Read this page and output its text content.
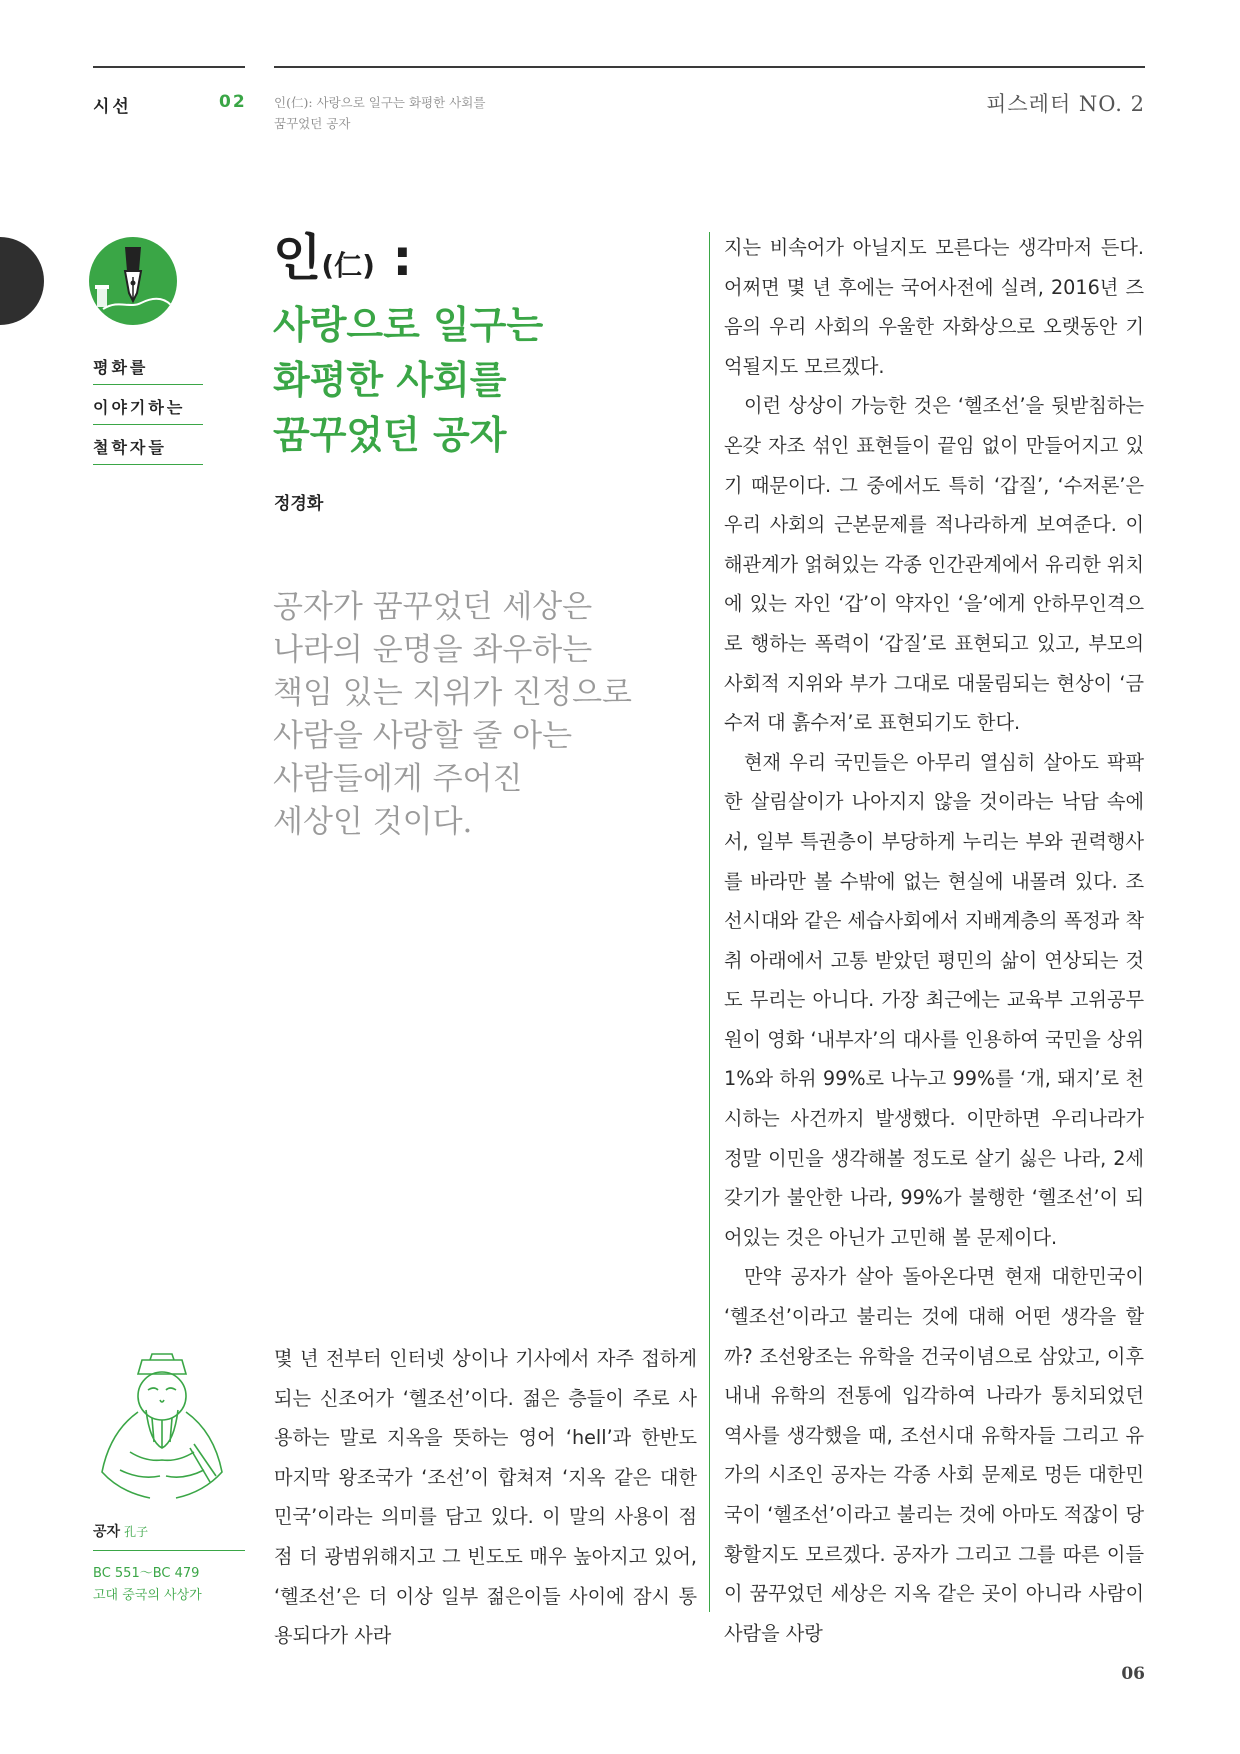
시선	02 인(仁): 사랑으로 일구는 화평한 사회를
꿈꾸었던 공자
피스레터 NO. 2
평화를
이야기하는
철학자들
인(仁) :
사랑으로 일구는
화평한 사회를
꿈꾸었던 공자
정경화
공자가 꿈꾸었던 세상은
나라의 운명을 좌우하는
책임 있는 지위가 진정으로
사람을 사랑할 줄 아는
사람들에게 주어진
세상인 것이다.
공자 孔子
BC 551～BC 479
고대 중국의 사상가

몇 년 전부터 인터넷 상이나 기사에서 자주 접하게 되는 신조어가 ‘헬조선’이다. 젊은 층들이 주로 사용하는 말로 지옥을 뜻하는 영어 ‘hell’과 한반도 마지막 왕조국가 ‘조선’이 합쳐져 ‘지옥 같은 대한민국’이라는 의미를 담고 있다. 이 말의 사용이 점점 더 광범위해지고 그 빈도도 매우 높아지고 있어, ‘헬조선’은 더 이상 일부 젊은이들 사이에 잠시 통용되다가 사라

지는 비속어가 아닐지도 모른다는 생각마저 든다. 어쩌면 몇 년 후에는 국어사전에 실려, 2016년 즈음의 우리 사회의 우울한 자화상으로 오랫동안 기억될지도 모르겠다.

이런 상상이 가능한 것은 ‘헬조선’을 뒷받침하는 온갖 자조 섞인 표현들이 끝임 없이 만들어지고 있기 때문이다. 그 중에서도 특히 ‘갑질’, ‘수저론’은 우리 사회의 근본문제를 적나라하게 보여준다. 이해관계가 얽혀있는 각종 인간관계에서 유리한 위치에 있는 자인 ‘갑’이 약자인 ‘을’에게 안하무인격으로 행하는 폭력이 ‘갑질’로 표현되고 있고, 부모의 사회적 지위와 부가 그대로 대물림되는 현상이 ‘금수저 대 흙수저’로 표현되기도 한다.

현재 우리 국민들은 아무리 열심히 살아도 팍팍한 살림살이가 나아지지 않을 것이라는 낙담 속에서, 일부 특권층이 부당하게 누리는 부와 권력행사를 바라만 볼 수밖에 없는 현실에 내몰려 있다. 조선시대와 같은 세습사회에서 지배계층의 폭정과 착취 아래에서 고통 받았던 평민의 삶이 연상되는 것도 무리는 아니다. 가장 최근에는 교육부 고위공무원이 영화 ‘내부자’의 대사를 인용하여 국민을 상위 1%와 하위 99%로 나누고 99%를 ‘개, 돼지’로 천시하는 사건까지 발생했다. 이만하면 우리나라가 정말 이민을 생각해볼 정도로 살기 싫은 나라, 2세 갖기가 불안한 나라, 99%가 불행한 ‘헬조선’이 되어있는 것은 아닌가 고민해 볼 문제이다.

만약 공자가 살아 돌아온다면 현재 대한민국이 ‘헬조선’이라고 불리는 것에 대해 어떤 생각을 할까? 조선왕조는 유학을 건국이념으로 삼았고, 이후 내내 유학의 전통에 입각하여 나라가 통치되었던 역사를 생각했을 때, 조선시대 유학자들 그리고 유가의 시조인 공자는 각종 사회 문제로 멍든 대한민국이 ‘헬조선’이라고 불리는 것에 아마도 적잖이 당황할지도 모르겠다. 공자가 그리고 그를 따른 이들이 꿈꾸었던 세상은 지옥 같은 곳이 아니라 사람이 사람을 사랑

06
